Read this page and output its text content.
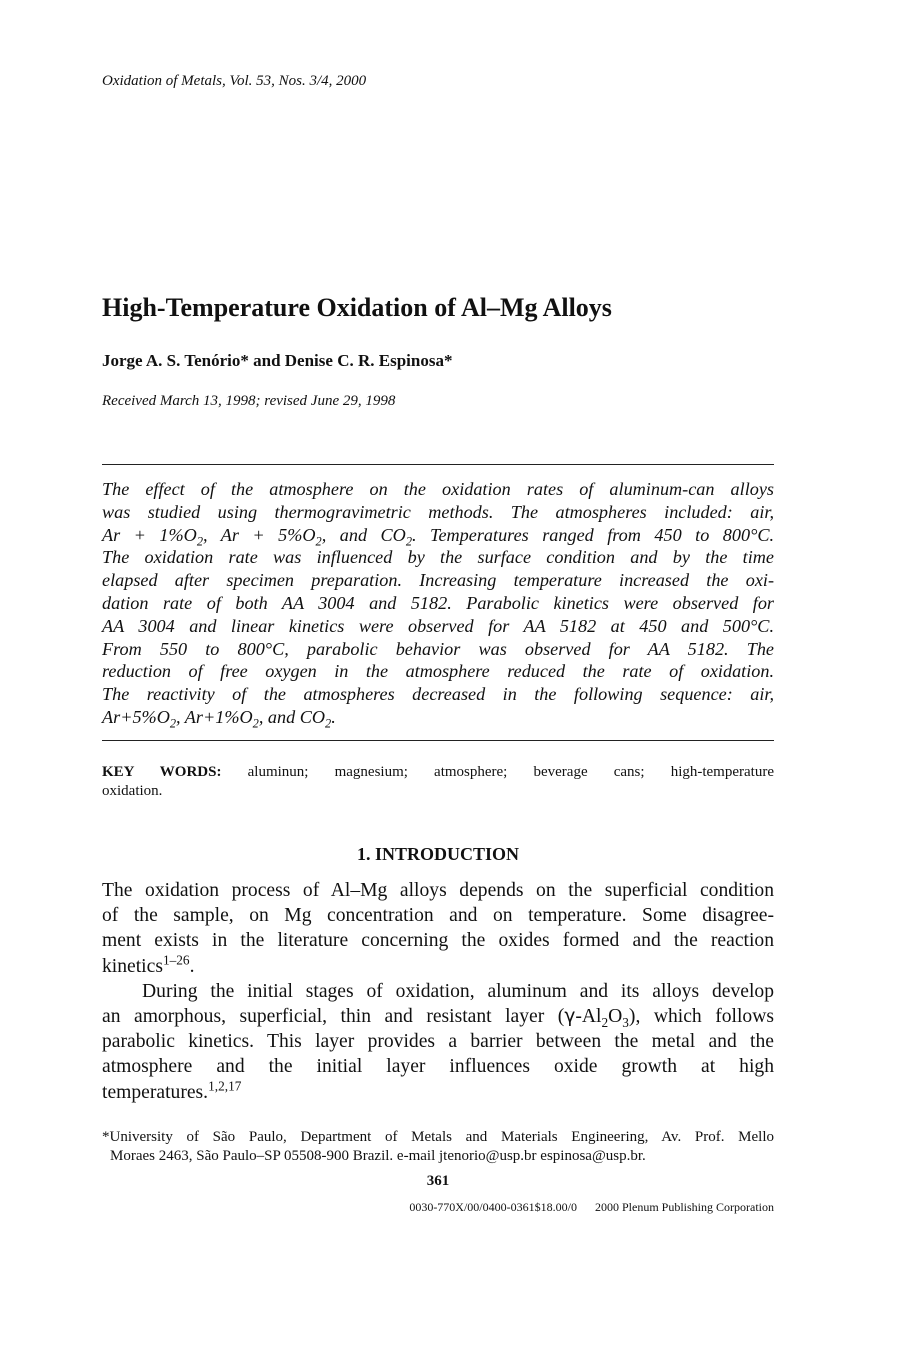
Oxidation of Metals, Vol. 53, Nos. 3/4, 2000
High-Temperature Oxidation of Al–Mg Alloys
Jorge A. S. Tenório* and Denise C. R. Espinosa*
Received March 13, 1998; revised June 29, 1998
The effect of the atmosphere on the oxidation rates of aluminum-can alloys
was studied using thermogravimetric methods. The atmospheres included: air,
$Ar + 1\%O_2$, $Ar + 5\%O_2$, and $CO_2$. Temperatures ranged from 450 to 800°C.
The oxidation rate was influenced by the surface condition and by the time
elapsed after specimen preparation. Increasing temperature increased the oxi-
dation rate of both AA 3004 and 5182. Parabolic kinetics were observed for
AA 3004 and linear kinetics were observed for AA 5182 at 450 and 500°C.
From 550 to 800°C, parabolic behavior was observed for AA 5182. The
reduction of free oxygen in the atmosphere reduced the rate of oxidation.
The reactivity of the atmospheres decreased in the following sequence: air,
$Ar+5\%O_2$, $Ar+1\%O_2$, and $CO_2$.
KEY WORDS: aluminun; magnesium; atmosphere; beverage cans; high-temperature
oxidation.
1. INTRODUCTION
The oxidation process of Al–Mg alloys depends on the superficial condition
of the sample, on Mg concentration and on temperature. Some disagree-
ment exists in the literature concerning the oxides formed and the reaction
kinetics$^{1-26}$.
During the initial stages of oxidation, aluminum and its alloys develop
an amorphous, superficial, thin and resistant layer $(\gamma-Al_2O_3)$, which follows
parabolic kinetics. This layer provides a barrier between the metal and the
atmosphere and the initial layer influences oxide growth at high
temperatures.$^{1,2,17}$
*University of São Paulo, Department of Metals and Materials Engineering, Av. Prof. Mello
Moraes 2463, São Paulo–SP 05508-900 Brazil. e-mail jtenorio@usp.br espinosa@usp.br.
361
0030-770X/00/0400-0361$18.00/0 2000 Plenum Publishing Corporation
